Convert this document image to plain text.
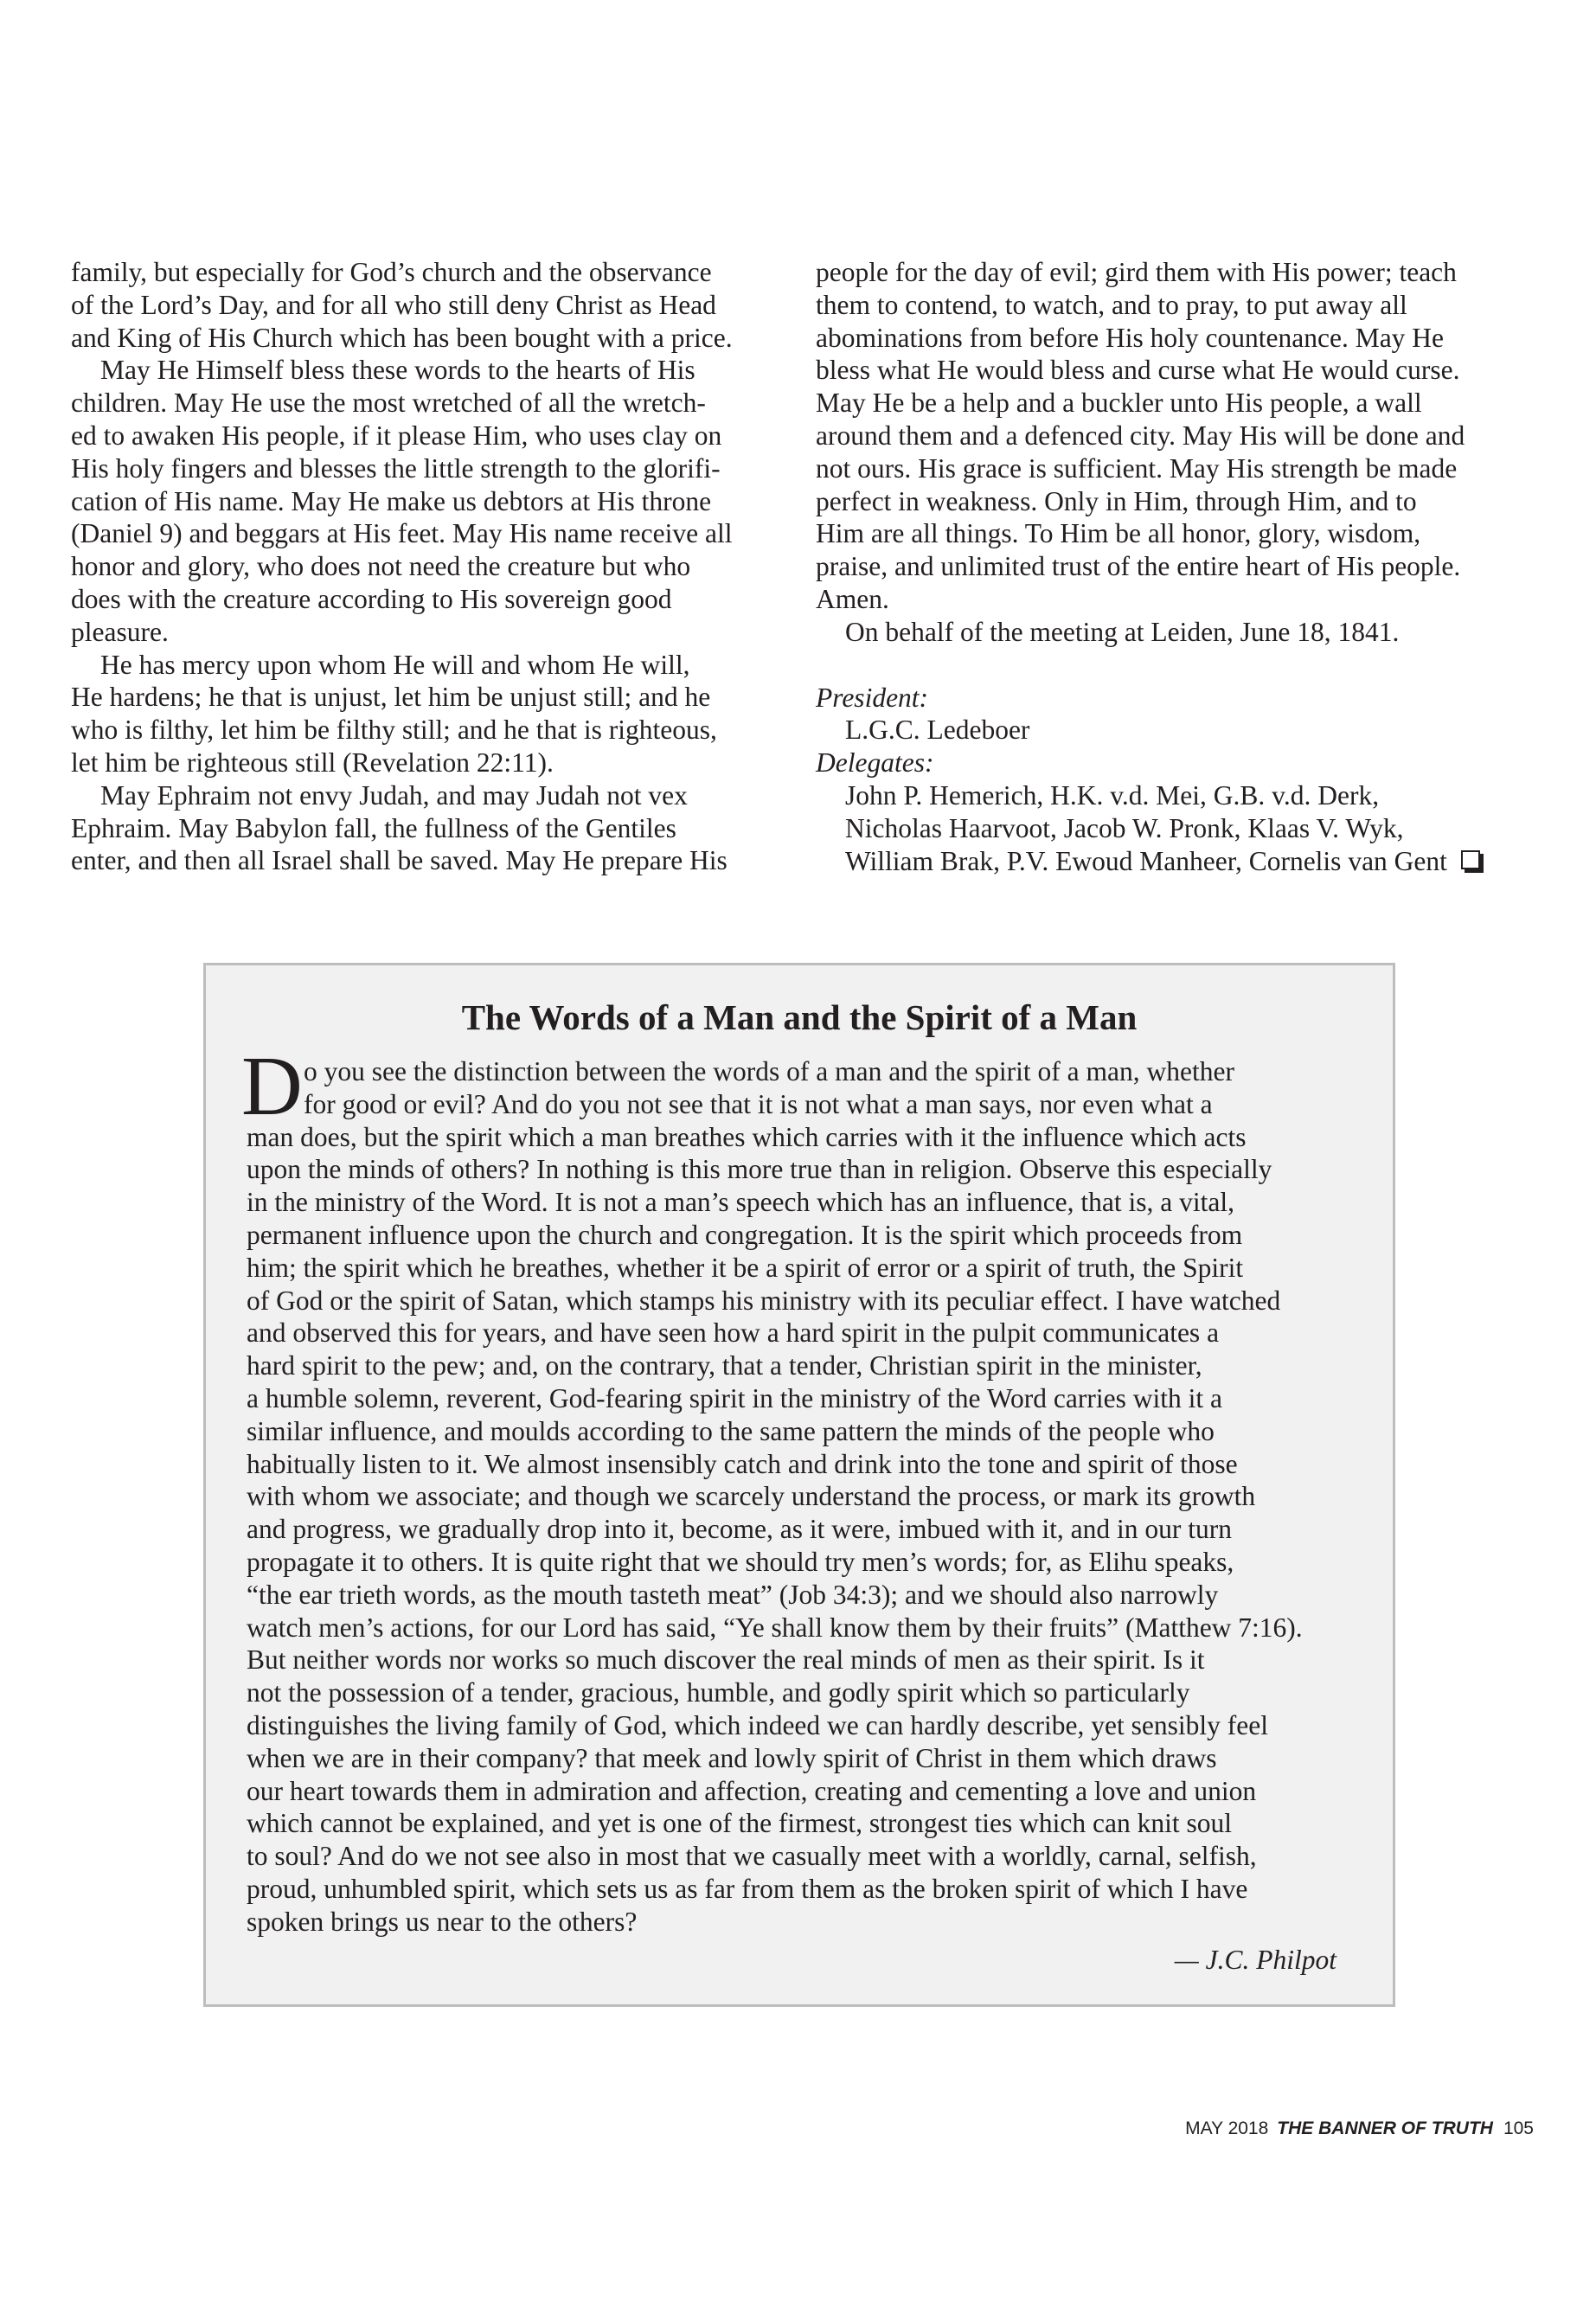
family, but especially for God’s church and the observance
of the Lord’s Day, and for all who still deny Christ as Head
and King of His Church which has been bought with a price.
May He Himself bless these words to the hearts of His
children. May He use the most wretched of all the wretch-
ed to awaken His people, if it please Him, who uses clay on
His holy fingers and blesses the little strength to the glorifi-
cation of His name. May He make us debtors at His throne
(Daniel 9) and beggars at His feet. May His name receive all
honor and glory, who does not need the creature but who
does with the creature according to His sovereign good
pleasure.
He has mercy upon whom He will and whom He will,
He hardens; he that is unjust, let him be unjust still; and he
who is filthy, let him be filthy still; and he that is righteous,
let him be righteous still (Revelation 22:11).
May Ephraim not envy Judah, and may Judah not vex
Ephraim. May Babylon fall, the fullness of the Gentiles
enter, and then all Israel shall be saved. May He prepare His
people for the day of evil; gird them with His power; teach
them to contend, to watch, and to pray, to put away all
abominations from before His holy countenance. May He
bless what He would bless and curse what He would curse.
May He be a help and a buckler unto His people, a wall
around them and a defenced city. May His will be done and
not ours. His grace is sufficient. May His strength be made
perfect in weakness. Only in Him, through Him, and to
Him are all things. To Him be all honor, glory, wisdom,
praise, and unlimited trust of the entire heart of His people.
Amen.
On behalf of the meeting at Leiden, June 18, 1841.
President:
L.G.C. Ledeboer
Delegates:
John P. Hemerich, H.K. v.d. Mei, G.B. v.d. Derk,
Nicholas Haarvoot, Jacob W. Pronk, Klaas V. Wyk,
William Brak, P.V. Ewoud Manheer, Cornelis van Gent
The Words of a Man and the Spirit of a Man
D o you see the distinction between the words of a man and the spirit of a man, whether
for good or evil? And do you not see that it is not what a man says, nor even what a
man does, but the spirit which a man breathes which carries with it the influence which acts
upon the minds of others? In nothing is this more true than in religion. Observe this especially
in the ministry of the Word. It is not a man’s speech which has an influence, that is, a vital,
permanent influence upon the church and congregation. It is the spirit which proceeds from
him; the spirit which he breathes, whether it be a spirit of error or a spirit of truth, the Spirit
of God or the spirit of Satan, which stamps his ministry with its peculiar effect. I have watched
and observed this for years, and have seen how a hard spirit in the pulpit communicates a
hard spirit to the pew; and, on the contrary, that a tender, Christian spirit in the minister,
a humble solemn, reverent, God-fearing spirit in the ministry of the Word carries with it a
similar influence, and moulds according to the same pattern the minds of the people who
habitually listen to it. We almost insensibly catch and drink into the tone and spirit of those
with whom we associate; and though we scarcely understand the process, or mark its growth
and progress, we gradually drop into it, become, as it were, imbued with it, and in our turn
propagate it to others. It is quite right that we should try men’s words; for, as Elihu speaks,
“the ear trieth words, as the mouth tasteth meat” (Job 34:3); and we should also narrowly
watch men’s actions, for our Lord has said, “Ye shall know them by their fruits” (Matthew 7:16).
But neither words nor works so much discover the real minds of men as their spirit. Is it
not the possession of a tender, gracious, humble, and godly spirit which so particularly
distinguishes the living family of God, which indeed we can hardly describe, yet sensibly feel
when we are in their company? that meek and lowly spirit of Christ in them which draws
our heart towards them in admiration and affection, creating and cementing a love and union
which cannot be explained, and yet is one of the firmest, strongest ties which can knit soul
to soul? And do we not see also in most that we casually meet with a worldly, carnal, selfish,
proud, unhumbled spirit, which sets us as far from them as the broken spirit of which I have
spoken brings us near to the others?
— J.C. Philpot
MAY 2018 THE BANNER OF TRUTH 105
